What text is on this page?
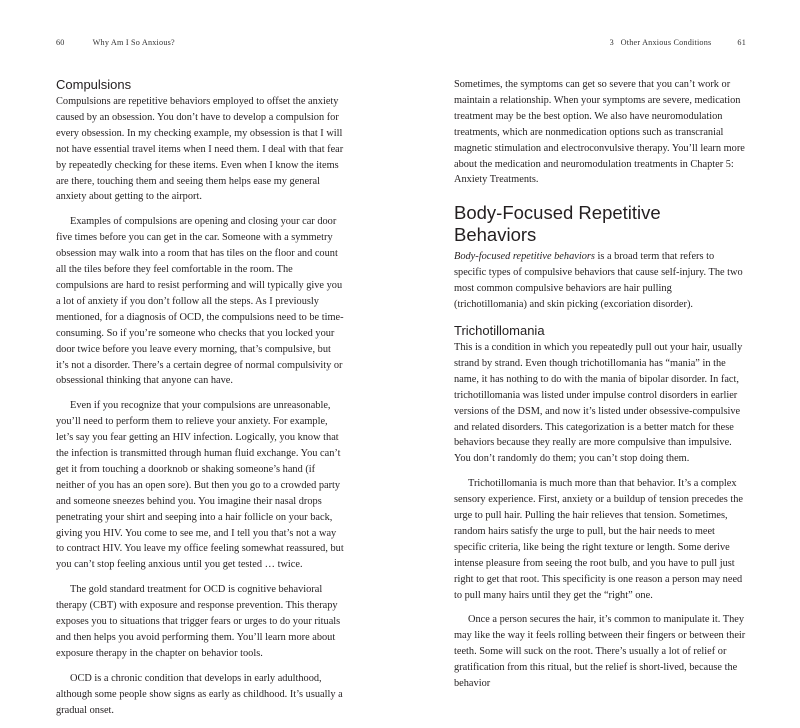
60	Why Am I So Anxious?
Compulsions

Compulsions are repetitive behaviors employed to offset the anxiety caused by an obsession. You don’t have to develop a compulsion for every obsession. In my checking example, my obsession is that I will not have essential travel items when I need them. I deal with that fear by repeatedly checking for these items. Even when I know the items are there, touching them and seeing them helps ease my general anxiety about getting to the airport.

Examples of compulsions are opening and closing your car door five times before you can get in the car. Someone with a symmetry obsession may walk into a room that has tiles on the floor and count all the tiles before they feel comfortable in the room. The compulsions are hard to resist performing and will typically give you a lot of anxiety if you don’t follow all the steps. As I previously mentioned, for a diagnosis of OCD, the compulsions need to be time-consuming. So if you’re someone who checks that you locked your door twice before you leave every morning, that’s compulsive, but it’s not a disorder. There’s a certain degree of normal compulsivity or obsessional thinking that anyone can have.

Even if you recognize that your compulsions are unreasonable, you’ll need to perform them to relieve your anxiety. For example, let’s say you fear getting an HIV infection. Logically, you know that the infection is transmitted through human fluid exchange. You can’t get it from touching a doorknob or shaking someone’s hand (if neither of you has an open sore). But then you go to a crowded party and someone sneezes behind you. You imagine their nasal drops penetrating your shirt and seeping into a hair follicle on your back, giving you HIV. You come to see me, and I tell you that’s not a way to contract HIV. You leave my office feeling somewhat reassured, but you can’t stop feeling anxious until you get tested … twice.

The gold standard treatment for OCD is cognitive behavioral therapy (CBT) with exposure and response prevention. This therapy exposes you to situations that trigger fears or urges to do your rituals and then helps you avoid performing them. You’ll learn more about exposure therapy in the chapter on behavior tools.

OCD is a chronic condition that develops in early adulthood, although some people show signs as early as childhood. It’s usually a gradual onset.

3   Other Anxious Conditions	61

Sometimes, the symptoms can get so severe that you can’t work or maintain a relationship. When your symptoms are severe, medication treatment may be the best option. We also have neuromodulation treatments, which are nonmedication options such as transcranial magnetic stimulation and electroconvulsive therapy. You’ll learn more about the medication and neuromodulation treatments in Chapter 5: Anxiety Treatments.

Body-Focused Repetitive Behaviors

Body-focused repetitive behaviors is a broad term that refers to specific types of compulsive behaviors that cause self-injury. The two most common compulsive behaviors are hair pulling (trichotillomania) and skin picking (excoriation disorder).

Trichotillomania

This is a condition in which you repeatedly pull out your hair, usually strand by strand. Even though trichotillomania has “mania” in the name, it has nothing to do with the mania of bipolar disorder. In fact, trichotillomania was listed under impulse control disorders in earlier versions of the DSM, and now it’s listed under obsessive-compulsive and related disorders. This categorization is a better match for these behaviors because they really are more compulsive than impulsive. You don’t randomly do them; you can’t stop doing them.

Trichotillomania is much more than that behavior. It’s a complex sensory experience. First, anxiety or a buildup of tension precedes the urge to pull hair. Pulling the hair relieves that tension. Sometimes, random hairs satisfy the urge to pull, but the hair needs to meet specific criteria, like being the right texture or length. Some derive intense pleasure from seeing the root bulb, and you have to pull just right to get that root. This specificity is one reason a person may need to pull many hairs until they get the “right” one.

Once a person secures the hair, it’s common to manipulate it. They may like the way it feels rolling between their fingers or between their teeth. Some will suck on the root. There’s usually a lot of relief or gratification from this ritual, but the relief is short-lived, because the behavior
